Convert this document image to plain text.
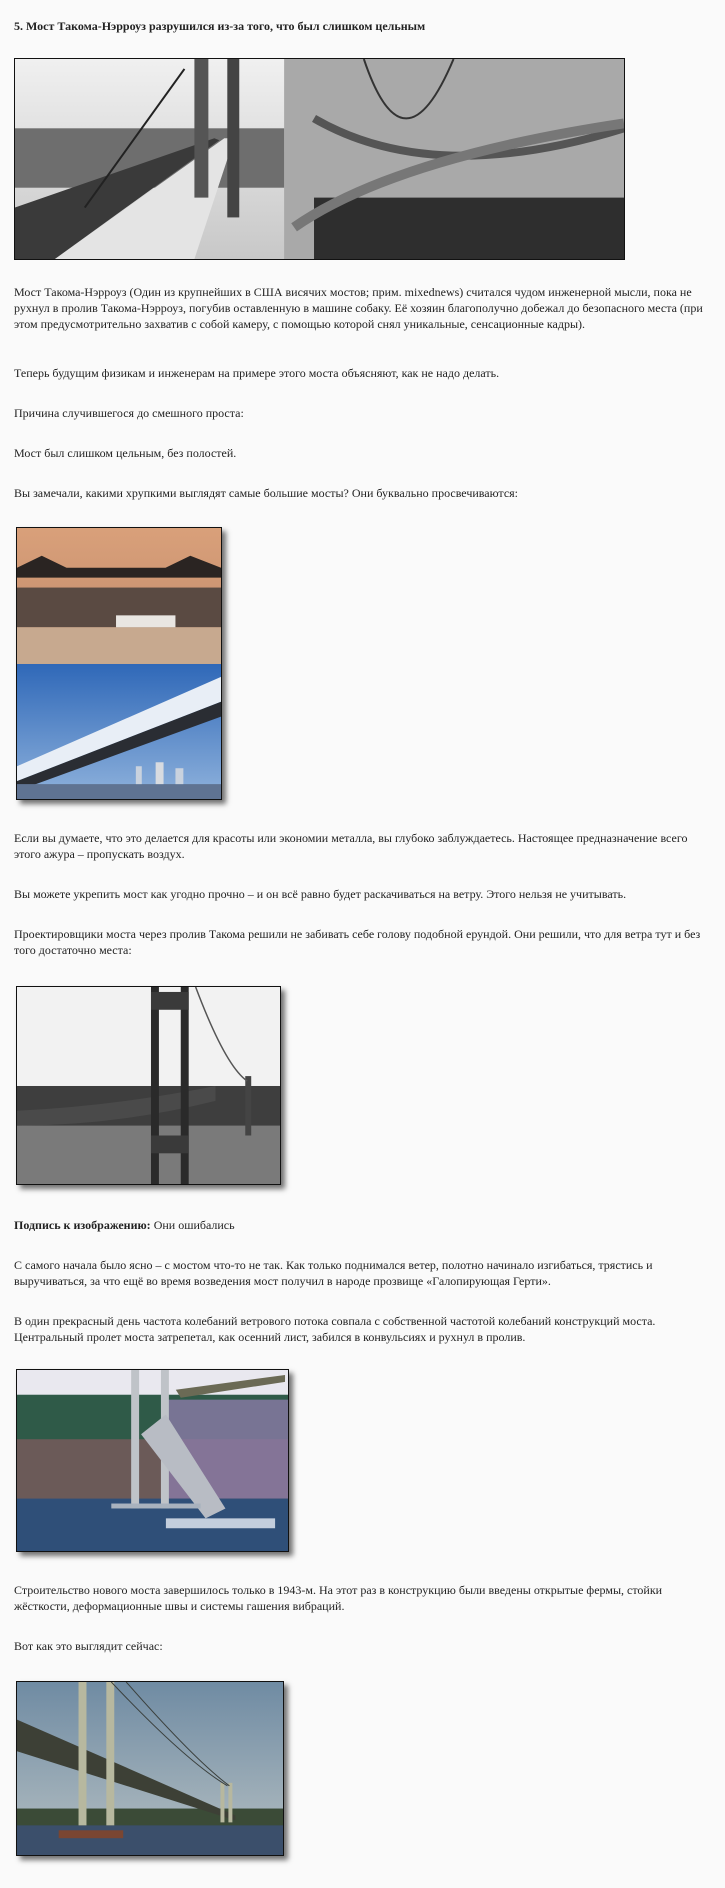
5. Мост Такома-Нэрроуз разрушился из-за того, что был слишком цельным

Мост Такома-Нэрроуз (Один из крупнейших в США висячих мостов; прим. mixednews) считался чудом инженерной мысли, пока не рухнул в пролив Такома-Нэрроуз, погубив оставленную в машине собаку. Её хозяин благополучно добежал до безопасного места (при этом предусмотрительно захватив с собой камеру, с помощью которой снял уникальные, сенсационные кадры).

Теперь будущим физикам и инженерам на примере этого моста объясняют, как не надо делать.

Причина случившегося до смешного проста:

Мост был слишком цельным, без полостей.

Вы замечали, какими хрупкими выглядят самые большие мосты? Они буквально просвечиваются:

Если вы думаете, что это делается для красоты или экономии металла, вы глубоко заблуждаетесь. Настоящее предназначение всего этого ажура – пропускать воздух.

Вы можете укрепить мост как угодно прочно – и он всё равно будет раскачиваться на ветру. Этого нельзя не учитывать.

Проектировщики моста через пролив Такома решили не забивать себе голову подобной ерундой. Они решили, что для ветра тут и без того достаточно места:

Подпись к изображению: Они ошибались

С самого начала было ясно – с мостом что-то не так. Как только поднимался ветер, полотно начинало изгибаться, трястись и выручиваться, за что ещё во время возведения мост получил в народе прозвище «Галопирующая Герти».

В один прекрасный день частота колебаний ветрового потока совпала с собственной частотой колебаний конструкций моста. Центральный пролет моста затрепетал, как осенний лист, забился в конвульсиях и рухнул в пролив.

Строительство нового моста завершилось только в 1943-м. На этот раз в конструкцию были введены открытые фермы, стойки жёсткости, деформационные швы и системы гашения вибраций.

Вот как это выглядит сейчас:
